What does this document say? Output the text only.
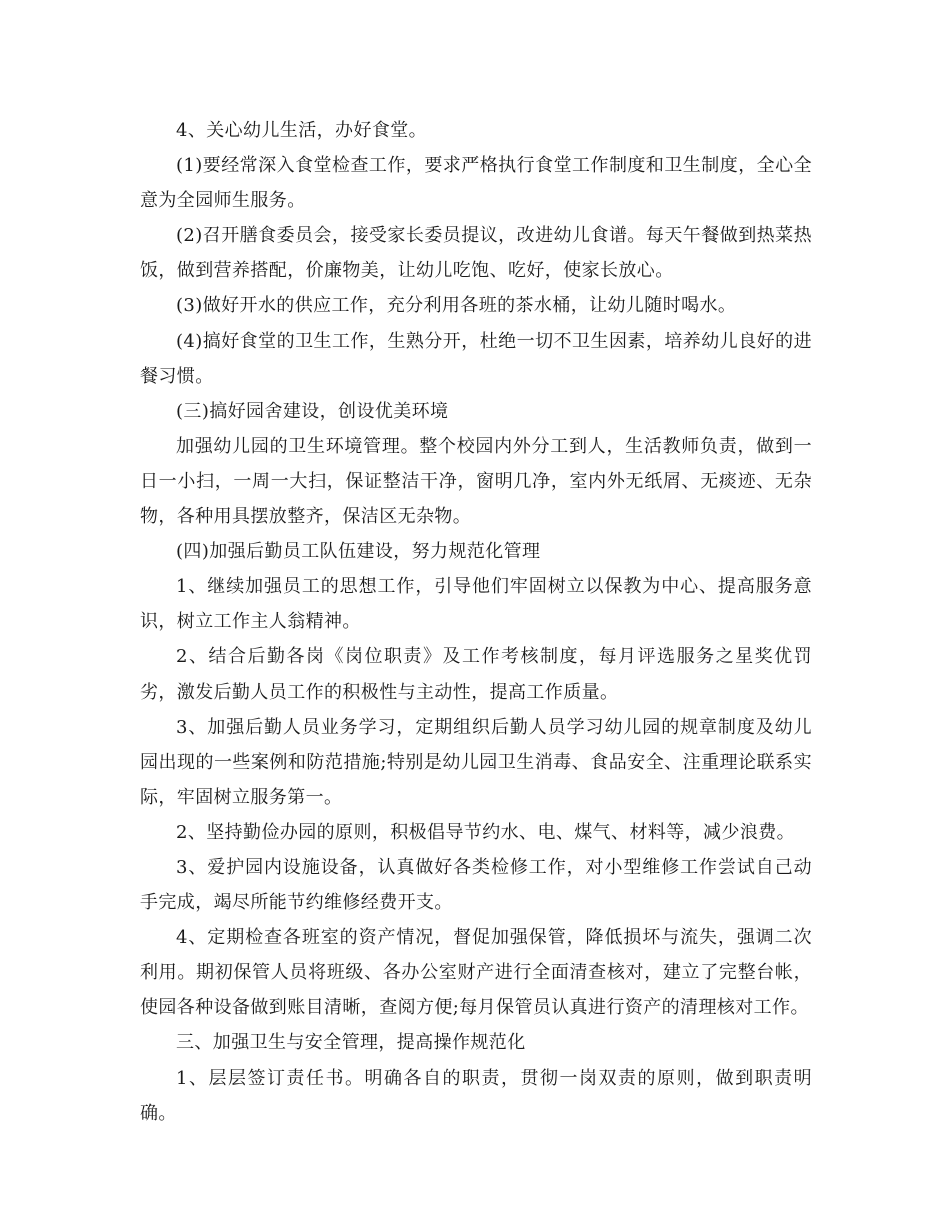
4、关心幼儿生活，办好食堂。

(1)要经常深入食堂检查工作，要求严格执行食堂工作制度和卫生制度，全心全意为全园师生服务。

(2)召开膳食委员会，接受家长委员提议，改进幼儿食谱。每天午餐做到热菜热饭，做到营养搭配，价廉物美，让幼儿吃饱、吃好，使家长放心。

(3)做好开水的供应工作，充分利用各班的茶水桶，让幼儿随时喝水。

(4)搞好食堂的卫生工作，生熟分开，杜绝一切不卫生因素，培养幼儿良好的进餐习惯。

(三)搞好园舍建设，创设优美环境

加强幼儿园的卫生环境管理。整个校园内外分工到人，生活教师负责，做到一日一小扫，一周一大扫，保证整洁干净，窗明几净，室内外无纸屑、无痰迹、无杂物，各种用具摆放整齐，保洁区无杂物。

(四)加强后勤员工队伍建设，努力规范化管理

1、继续加强员工的思想工作，引导他们牢固树立以保教为中心、提高服务意识，树立工作主人翁精神。

2、结合后勤各岗《岗位职责》及工作考核制度，每月评选服务之星奖优罚劣，激发后勤人员工作的积极性与主动性，提高工作质量。

3、加强后勤人员业务学习，定期组织后勤人员学习幼儿园的规章制度及幼儿园出现的一些案例和防范措施;特别是幼儿园卫生消毒、食品安全、注重理论联系实际，牢固树立服务第一。

2、坚持勤俭办园的原则，积极倡导节约水、电、煤气、材料等，减少浪费。

3、爱护园内设施设备，认真做好各类检修工作，对小型维修工作尝试自己动手完成，竭尽所能节约维修经费开支。

4、定期检查各班室的资产情况，督促加强保管，降低损坏与流失，强调二次利用。期初保管人员将班级、各办公室财产进行全面清查核对，建立了完整台帐，使园各种设备做到账目清晰，查阅方便;每月保管员认真进行资产的清理核对工作。

三、加强卫生与安全管理，提高操作规范化

1、层层签订责任书。明确各自的职责，贯彻一岗双责的原则，做到职责明确。
